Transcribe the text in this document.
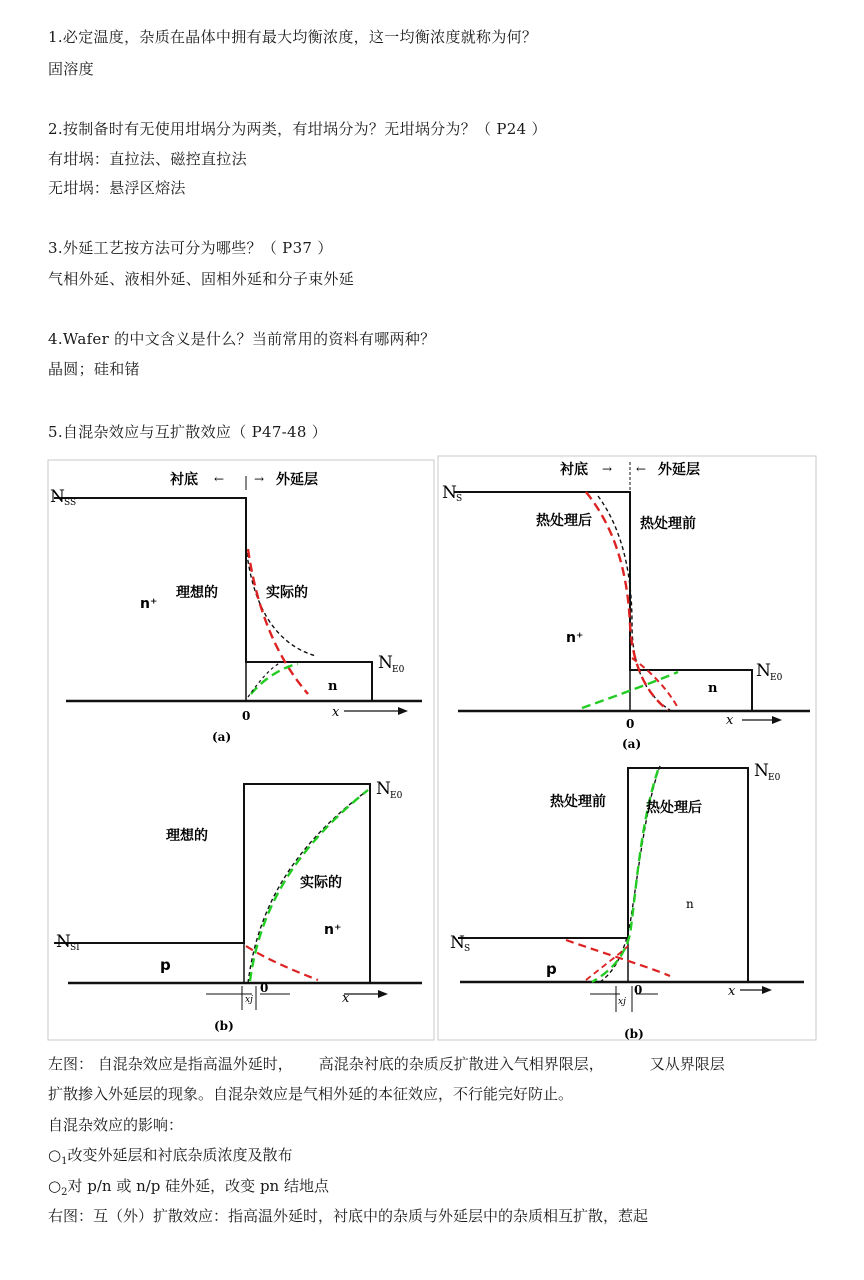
1.必定温度，杂质在晶体中拥有最大均衡浓度，这一均衡浓度就称为何？
固溶度
2.按制备时有无使用坩埚分为两类，有坩埚分为？无坩埚分为？（ P24 ）
有坩埚：直拉法、磁控直拉法
无坩埚：悬浮区熔法
3.外延工艺按方法可分为哪些？（ P37 ）
气相外延、液相外延、固相外延和分子束外延
4.Wafer 的中文含义是什么？当前常用的资料有哪两种？
晶圆；硅和锗
5.自混杂效应与互扩散效应（ P47-48 ）
衬底 ← → 外延层
N SS
n⁺
理想的	实际的
n
N E0
0	x
(a)
衬底 → ← 外延层
N S
热处理后	热处理前
n⁺
n
N E0
0	x
(a)
N E0
理想的
实际的
n⁺
N SI
p
xj
0
x
(b)
N E0
热处理前	热处理后
n
N S
p
xj
0	x
(b)
左图： 自混杂效应是指高温外延时， 高混杂衬底的杂质反扩散进入气相界限层，	又从界限层
扩散掺入外延层的现象。自混杂效应是气相外延的本征效应，不行能完好防止。
自混杂效应的影响：
$○_1$改变外延层和衬底杂质浓度及散布
$○_2$对 p/n 或 n/p 硅外延，改变 pn 结地点
右图：互（外）扩散效应：指高温外延时，衬底中的杂质与外延层中的杂质相互扩散，惹起
